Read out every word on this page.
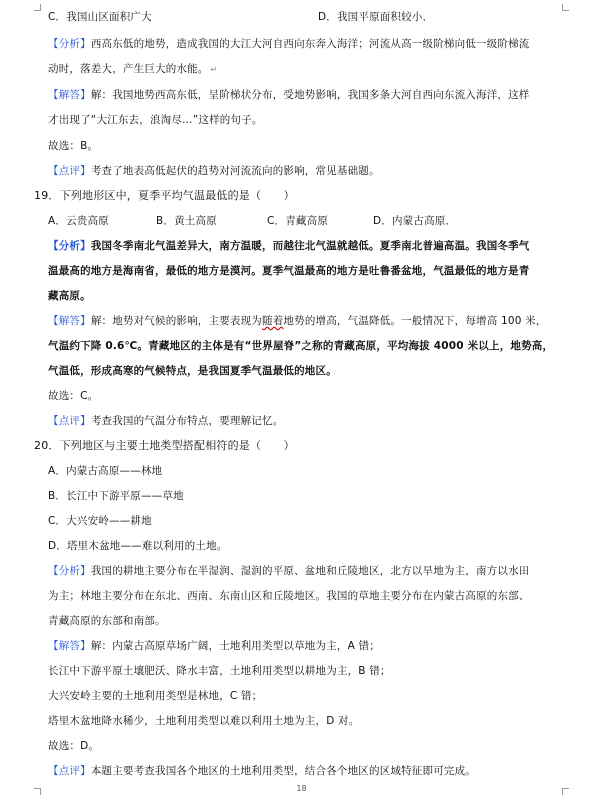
C．我国山区面积广大	D．我国平原面积较小．
【分析】西高东低的地势，造成我国的大江大河自西向东奔入海洋；河流从高一级阶梯向低一级阶梯流
动时，落差大，产生巨大的水能。 ↵
【解答】解：我国地势西高东低，呈阶梯状分布，受地势影响，我国多条大河自西向东流入海洋，这样
才出现了“大江东去，浪淘尽…”这样的句子。
故选：B。
【点评】考查了地表高低起伏的趋势对河流流向的影响，常见基础题。
19．下列地形区中，夏季平均气温最低的是（　　）
A．云贵高原	B．黄土高原	C．青藏高原	D．内蒙古高原．
【分析】我国冬季南北气温差异大，南方温暖，而越往北气温就越低。夏季南北普遍高温。我国冬季气
温最高的地方是海南省，最低的地方是漠河。夏季气温最高的地方是吐鲁番盆地，气温最低的地方是青
藏高原。
【解答】解：地势对气候的影响，主要表现为随着地势的增高，气温降低。一般情况下，每增高 100 米，
气温约下降 0.6℃。青藏地区的主体是有“世界屋脊”之称的青藏高原，平均海拔 4000 米以上，地势高，
气温低，形成高寒的气候特点，是我国夏季气温最低的地区。
故选：C。
【点评】考查我国的气温分布特点，要理解记忆。
20．下列地区与主要土地类型搭配相符的是（　　）
A．内蒙古高原——林地
B．长江中下游平原——草地
C．大兴安岭——耕地
D．塔里木盆地——难以利用的土地。
【分析】我国的耕地主要分布在半湿润、湿润的平原、盆地和丘陵地区，北方以旱地为主，南方以水田
为主；林地主要分布在东北、西南、东南山区和丘陵地区。我国的草地主要分布在内蒙古高原的东部、
青藏高原的东部和南部。
【解答】解：内蒙古高原草场广阔，土地利用类型以草地为主，A 错；
长江中下游平原土壤肥沃、降水丰富，土地利用类型以耕地为主，B 错；
大兴安岭主要的土地利用类型是林地，C 错；
塔里木盆地降水稀少，土地利用类型以难以利用土地为主，D 对。
故选：D。
【点评】本题主要考查我国各个地区的土地利用类型，结合各个地区的区域特征即可完成。
18
